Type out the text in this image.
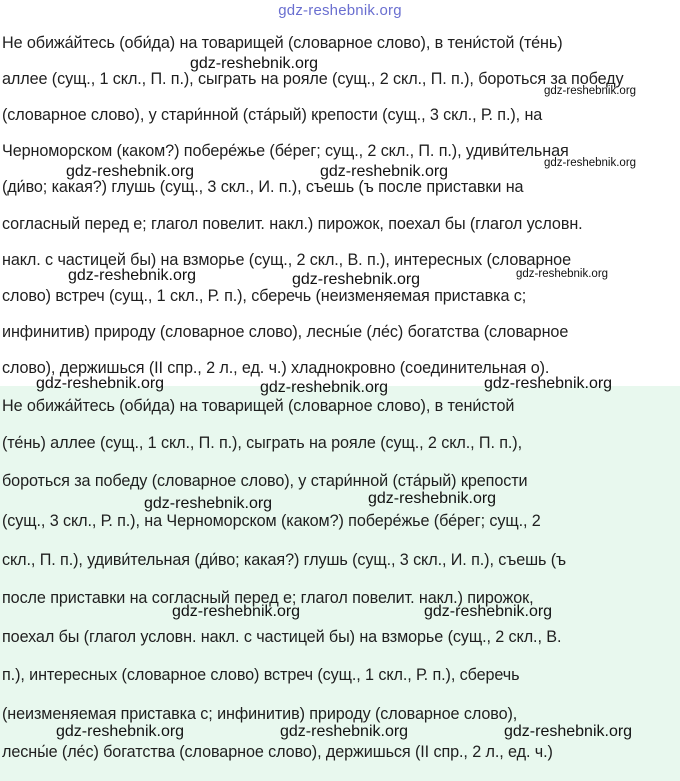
gdz-reshebnik.org
Не обижа́йтесь (оби́да) на товарищей (словарное слово), в тени́стой (те́нь)
аллее (сущ., 1 скл., П. п.), сыграть на рояле (сущ., 2 скл., П. п.), бороться за победу
(словарное слово), у стари́нной (ста́рый) крепости (сущ., 3 скл., Р. п.), на
Черноморском (каком?) побере́жье (бе́рег; сущ., 2 скл., П. п.), удиви́тельная
(ди́во; какая?) глушь (сущ., 3 скл., И. п.), съешь (ъ после приставки на
согласный перед е; глагол повелит. накл.) пирожок, поехал бы (глагол условн.
накл. с частицей бы) на взморье (сущ., 2 скл., В. п.), интересных (словарное
слово) встреч (сущ., 1 скл., Р. п.), сберечь (неизменяемая приставка с;
инфинитив) природу (словарное слово), лесны́е (ле́с) богатства (словарное
слово), держишься (II спр., 2 л., ед. ч.) хладнокровно (соединительная о).
Не обижа́йтесь (оби́да) на товарищей (словарное слово), в тени́стой
(те́нь) аллее (сущ., 1 скл., П. п.), сыграть на рояле (сущ., 2 скл., П. п.),
бороться за победу (словарное слово), у стари́нной (ста́рый) крепости
(сущ., 3 скл., Р. п.), на Черноморском (каком?) побере́жье (бе́рег; сущ., 2
скл., П. п.), удиви́тельная (ди́во; какая?) глушь (сущ., 3 скл., И. п.), съешь (ъ
после приставки на согласный перед е; глагол повелит. накл.) пирожок,
поехал бы (глагол условн. накл. с частицей бы) на взморье (сущ., 2 скл., В.
п.), интересных (словарное слово) встреч (сущ., 1 скл., Р. п.), сберечь
(неизменяемая приставка с; инфинитив) природу (словарное слово),
лесны́е (ле́с) богатства (словарное слово), держишься (II спр., 2 л., ед. ч.)
gdz-reshebnik.org
gdz-reshebnik.org
gdz-reshebnik.org
gdz-reshebnik.org	gdz-reshebnik.org
gdz-reshebnik.org	gdz-reshebnik.org	gdz-reshebnik.org
gdz-reshebnik.org	gdz-reshebnik.org	gdz-reshebnik.org
gdz-reshebnik.org	gdz-reshebnik.org
gdz-reshebnik.org	gdz-reshebnik.org
gdz-reshebnik.org	gdz-reshebnik.org	gdz-reshebnik.org
